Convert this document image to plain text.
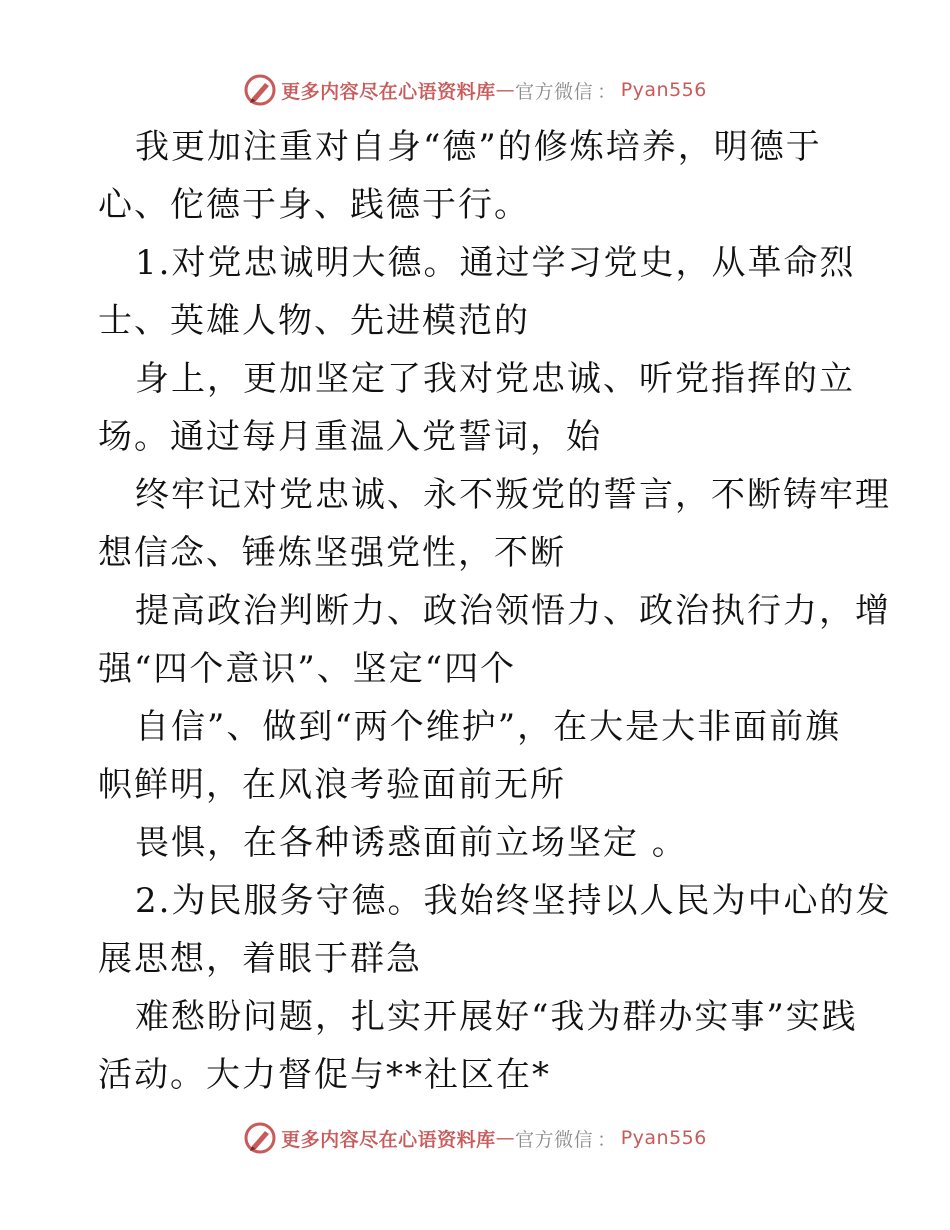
更多内容尽在心语资料库 — 官方微信 ： Pyan556
我更加注重对自身“德”的修炼培养，明德于
心、佗德于身、践德于行。
1.对党忠诚明大德。通过学习党史，从革命烈
士、英雄人物、先进模范的
身上，更加坚定了我对党忠诚、听党指挥的立
场。通过每月重温入党誓词，始
终牢记对党忠诚、永不叛党的誓言，不断铸牢理
想信念、锤炼坚强党性，不断
提高政治判断力、政治领悟力、政治执行力，增
强“四个意识”、坚定“四个
自信”、做到“两个维护”，在大是大非面前旗
帜鲜明，在风浪考验面前无所
畏惧，在各种诱惑面前立场坚定 。
2.为民服务守德。我始终坚持以人民为中心的发
展思想，着眼于群急
难愁盼问题，扎实开展好“我为群办实事”实践
活动。大力督促与**社区在*
更多内容尽在心语资料库 — 官方微信 ： Pyan556
